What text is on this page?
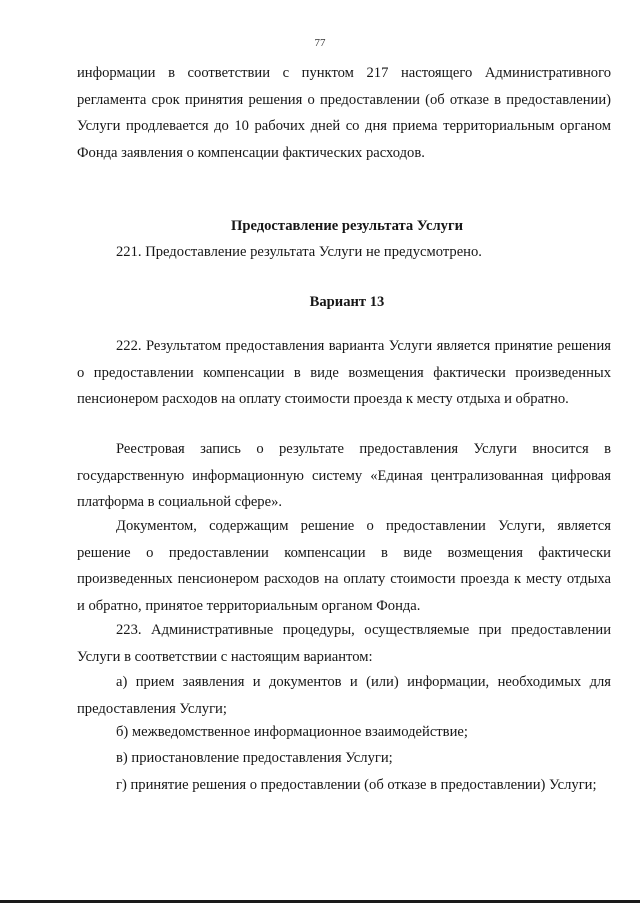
77

информации в соответствии с пунктом 217 настоящего Административного регламента срок принятия решения о предоставлении (об отказе в предоставлении) Услуги продлевается до 10 рабочих дней со дня приема территориальным органом Фонда заявления о компенсации фактических расходов.

Предоставление результата Услуги

221. Предоставление результата Услуги не предусмотрено.

Вариант 13

222. Результатом предоставления варианта Услуги является принятие решения о предоставлении компенсации в виде возмещения фактически произведенных пенсионером расходов на оплату стоимости проезда к месту отдыха и обратно.

Реестровая запись о результате предоставления Услуги вносится в государственную информационную систему «Единая централизованная цифровая платформа в социальной сфере».

Документом, содержащим решение о предоставлении Услуги, является решение о предоставлении компенсации в виде возмещения фактически произведенных пенсионером расходов на оплату стоимости проезда к месту отдыха и обратно, принятое территориальным органом Фонда.

223. Административные процедуры, осуществляемые при предоставлении Услуги в соответствии с настоящим вариантом:

а) прием заявления и документов и (или) информации, необходимых для предоставления Услуги;

б) межведомственное информационное взаимодействие;

в) приостановление предоставления Услуги;

г) принятие решения о предоставлении (об отказе в предоставлении) Услуги;
